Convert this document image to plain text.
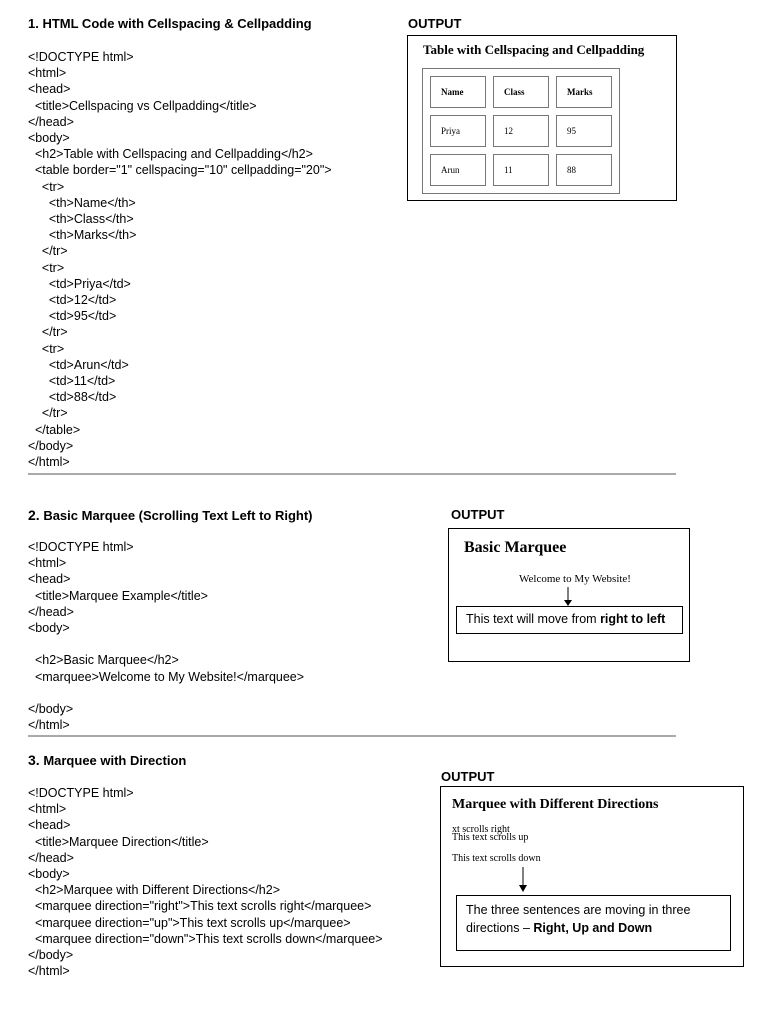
1. HTML Code with Cellspacing & Cellpadding
<!DOCTYPE html>
<html>
<head>
<title>Cellspacing vs Cellpadding</title>
</head>
<body>
<h2>Table with Cellspacing and Cellpadding</h2>
<table border="1" cellspacing="10" cellpadding="20">
<tr>
<th>Name</th>
<th>Class</th>
<th>Marks</th>
</tr>
<tr>
<td>Priya</td>
<td>12</td>
<td>95</td>
</tr>
<tr>
<td>Arun</td>
<td>11</td>
<td>88</td>
</tr>
</table>
</body>
</html>
OUTPUT
Table with Cellspacing and Cellpadding
Name	Class	Marks
Priya	12	95
Arun	11	88
2. Basic Marquee (Scrolling Text Left to Right)
<!DOCTYPE html>
<html>
<head>
<title>Marquee Example</title>
</head>
<body>

<h2>Basic Marquee</h2>
<marquee>Welcome to My Website!</marquee>

</body>
</html>
OUTPUT
Basic Marquee
Welcome to My Website!
This text will move from right to left
3. Marquee with Direction
<!DOCTYPE html>
<html>
<head>
<title>Marquee Direction</title>
</head>
<body>
<h2>Marquee with Different Directions</h2>
<marquee direction="right">This text scrolls right</marquee>
<marquee direction="up">This text scrolls up</marquee>
<marquee direction="down">This text scrolls down</marquee>
</body>
</html>
OUTPUT
Marquee with Different Directions
xt scrolls right
This text scrolls up
This text scrolls down
The three sentences are moving in three directions – Right, Up and Down
